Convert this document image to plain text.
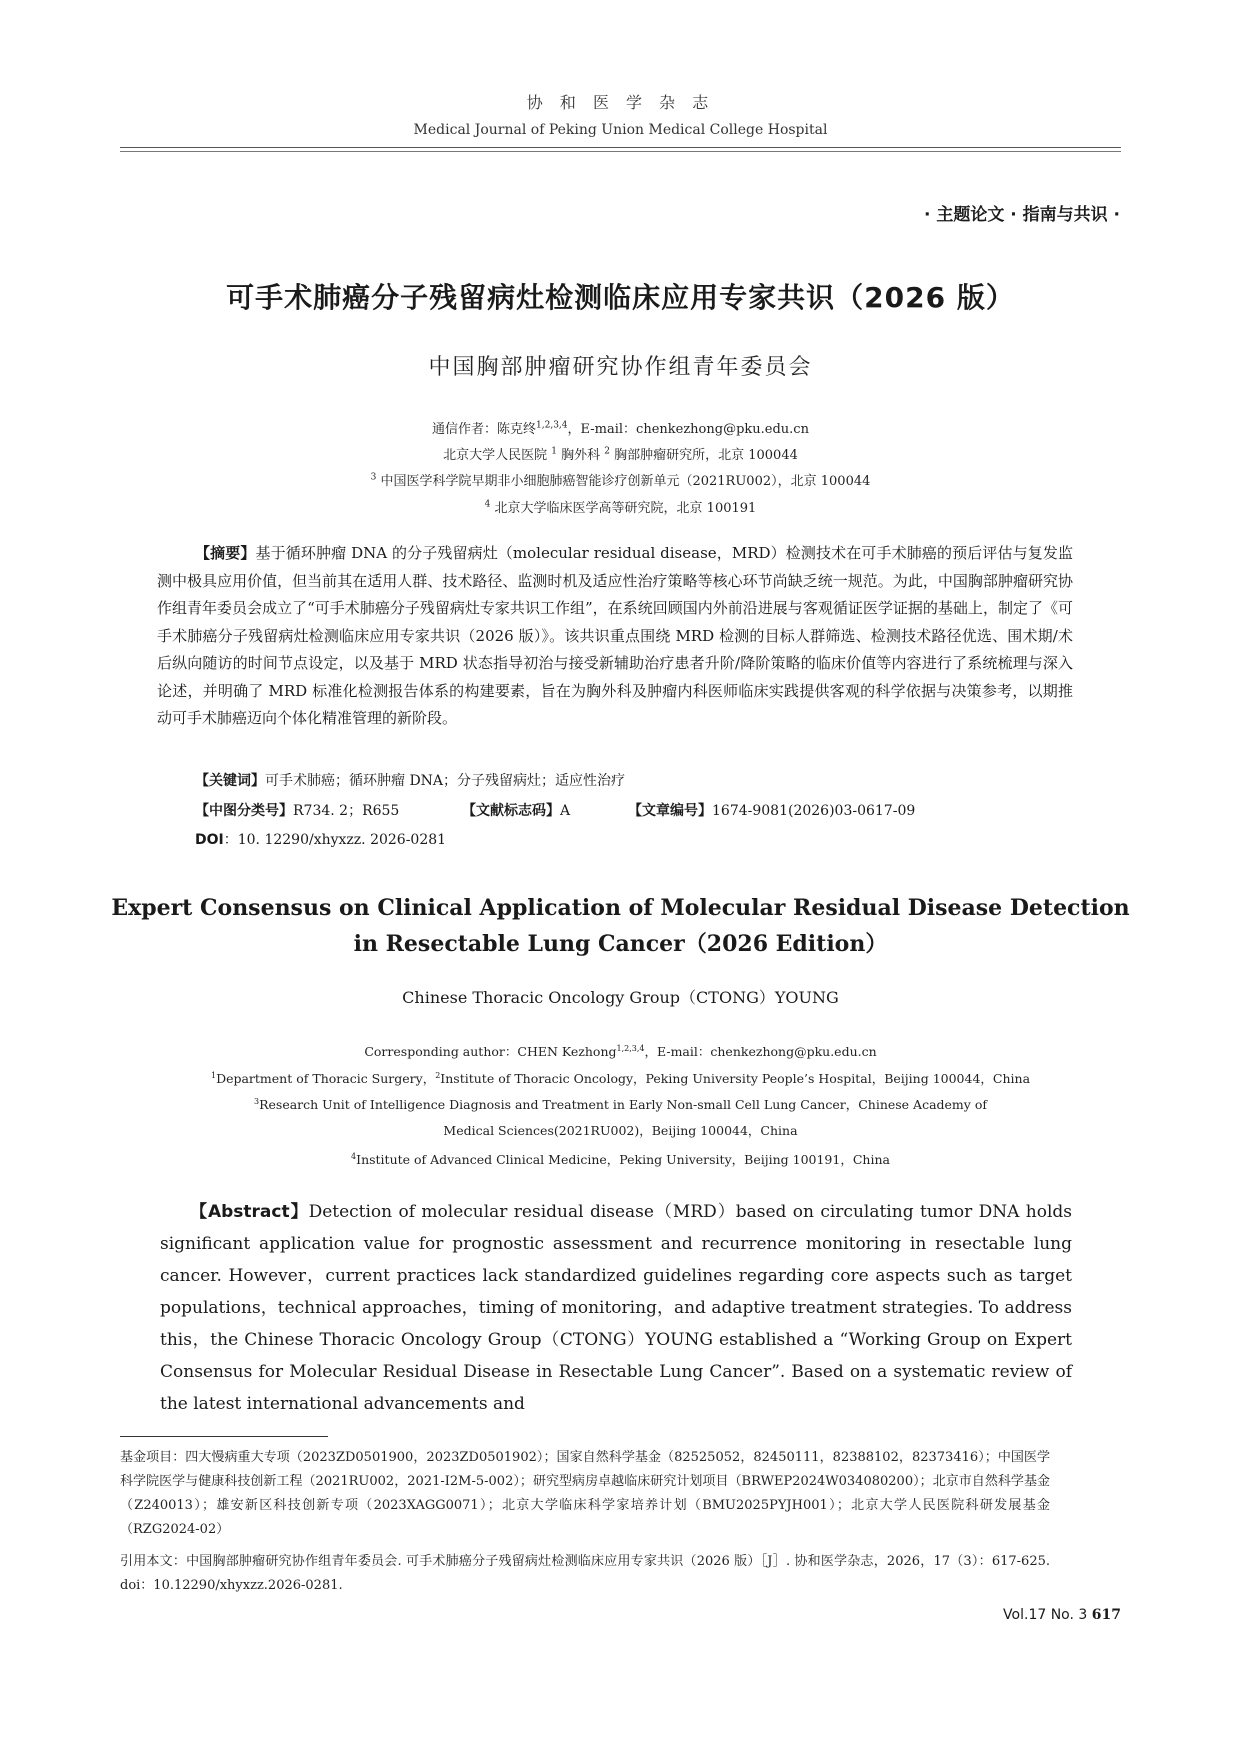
协 和 医 学 杂 志
Medical Journal of Peking Union Medical College Hospital
· 主题论文 · 指南与共识 ·
可手术肺癌分子残留病灶检测临床应用专家共识（2026 版）
中国胸部肿瘤研究协作组青年委员会
通信作者：陈克终$^{1,2,3,4}$，E-mail：chenkezhong@pku.edu.cn
北京大学人民医院 $^1$ 胸外科 $^2$ 胸部肿瘤研究所，北京 100044
$^3$ 中国医学科学院早期非小细胞肺癌智能诊疗创新单元（2021RU002），北京 100044
$^4$ 北京大学临床医学高等研究院，北京 100191
【摘要】基于循环肿瘤 DNA 的分子残留病灶（molecular residual disease，MRD）检测技术在可手术肺癌的预后评估与复发监测中极具应用价值，但当前其在适用人群、技术路径、监测时机及适应性治疗策略等核心环节尚缺乏统一规范。为此，中国胸部肿瘤研究协作组青年委员会成立了“可手术肺癌分子残留病灶专家共识工作组”，在系统回顾国内外前沿进展与客观循证医学证据的基础上，制定了《可手术肺癌分子残留病灶检测临床应用专家共识（2026 版）》。该共识重点围绕 MRD 检测的目标人群筛选、检测技术路径优选、围术期/术后纵向随访的时间节点设定，以及基于 MRD 状态指导初治与接受新辅助治疗患者升阶/降阶策略的临床价值等内容进行了系统梳理与深入论述，并明确了 MRD 标准化检测报告体系的构建要素，旨在为胸外科及肿瘤内科医师临床实践提供客观的科学依据与决策参考，以期推动可手术肺癌迈向个体化精准管理的新阶段。
【关键词】可手术肺癌；循环肿瘤 DNA；分子残留病灶；适应性治疗
【中图分类号】R734. 2；R655	【文献标志码】A	【文章编号】1674-9081(2026)03-0617-09
DOI：10. 12290/xhyxzz. 2026-0281
Expert Consensus on Clinical Application of Molecular Residual Disease Detection
in Resectable Lung Cancer（2026 Edition）
Chinese Thoracic Oncology Group（CTONG）YOUNG
Corresponding author：CHEN Kezhong$^{1,2,3,4}$，E-mail：chenkezhong@pku.edu.cn
$^1$Department of Thoracic Surgery，$^2$Institute of Thoracic Oncology，Peking University People’s Hospital，Beijing 100044，China
$^3$Research Unit of Intelligence Diagnosis and Treatment in Early Non-small Cell Lung Cancer，Chinese Academy of
Medical Sciences(2021RU002)，Beijing 100044，China
$^4$Institute of Advanced Clinical Medicine，Peking University，Beijing 100191，China
【Abstract】Detection of molecular residual disease（MRD）based on circulating tumor DNA holds significant application value for prognostic assessment and recurrence monitoring in resectable lung cancer. However，current practices lack standardized guidelines regarding core aspects such as target populations，technical approaches，timing of monitoring，and adaptive treatment strategies. To address this，the Chinese Thoracic Oncology Group（CTONG）YOUNG established a “Working Group on Expert Consensus for Molecular Residual Disease in Resectable Lung Cancer”. Based on a systematic review of the latest international advancements and
基金项目：四大慢病重大专项（2023ZD0501900，2023ZD0501902）；国家自然科学基金（82525052，82450111，82388102，82373416）；中国医学科学院医学与健康科技创新工程（2021RU002，2021-I2M-5-002）；研究型病房卓越临床研究计划项目（BRWEP2024W034080200）；北京市自然科学基金（Z240013）；雄安新区科技创新专项（2023XAGG0071）；北京大学临床科学家培养计划（BMU2025PYJH001）；北京大学人民医院科研发展基金（RZG2024-02）
引用本文：中国胸部肿瘤研究协作组青年委员会. 可手术肺癌分子残留病灶检测临床应用专家共识（2026 版）［J］. 协和医学杂志，2026，17（3）：617-625. doi：10.12290/xhyxzz.2026-0281.
Vol.17 No. 3 617
